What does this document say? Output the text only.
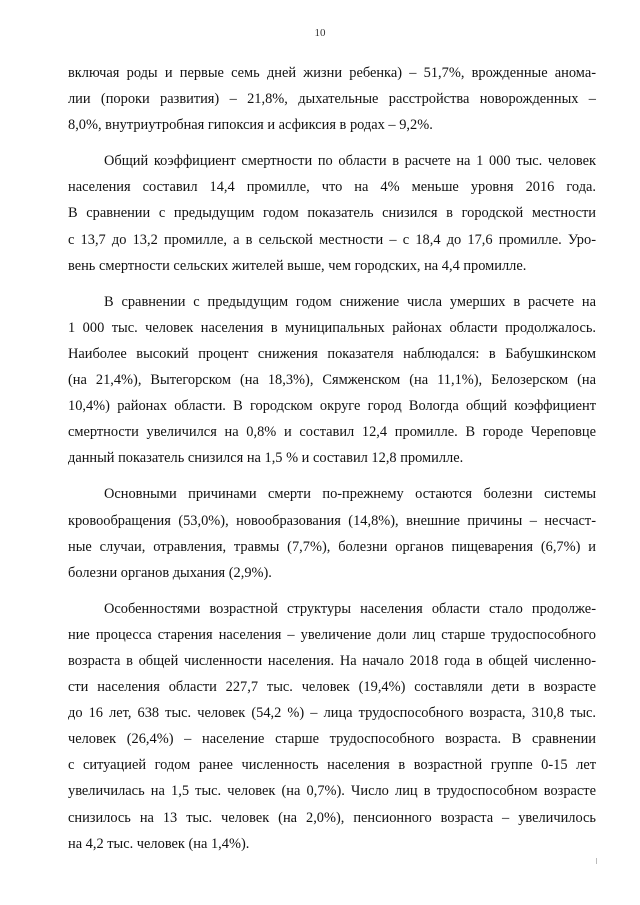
10

включая роды и первые семь дней жизни ребенка) – 51,7%, врожденные анома-
лии (пороки развития) – 21,8%, дыхательные расстройства новорожденных –
8,0%, внутриутробная гипоксия и асфиксия в родах – 9,2%.

Общий коэффициент смертности по области в расчете на 1 000 тыс. человек
населения составил 14,4 промилле, что на 4% меньше уровня 2016 года.
В сравнении с предыдущим годом показатель снизился в городской местности
с 13,7 до 13,2 промилле, а в сельской местности – с 18,4 до 17,6 промилле. Уро-
вень смертности сельских жителей выше, чем городских, на 4,4 промилле.

В сравнении с предыдущим годом снижение числа умерших в расчете на
1 000 тыс. человек населения в муниципальных районах области продолжалось.
Наиболее высокий процент снижения показателя наблюдался: в Бабушкинском
(на 21,4%), Вытегорском (на 18,3%), Сямженском (на 11,1%), Белозерском (на
10,4%) районах области. В городском округе город Вологда общий коэффициент
смертности увеличился на 0,8% и составил 12,4 промилле. В городе Череповце
данный показатель снизился на 1,5 % и составил 12,8 промилле.

Основными причинами смерти по-прежнему остаются болезни системы
кровообращения (53,0%), новообразования (14,8%), внешние причины – несчаст-
ные случаи, отравления, травмы (7,7%), болезни органов пищеварения (6,7%) и
болезни органов дыхания (2,9%).

Особенностями возрастной структуры населения области стало продолже-
ние процесса старения населения – увеличение доли лиц старше трудоспособного
возраста в общей численности населения. На начало 2018 года в общей численно-
сти населения области 227,7 тыс. человек (19,4%) составляли дети в возрасте
до 16 лет, 638 тыс. человек (54,2 %) – лица трудоспособного возраста, 310,8 тыс.
человек (26,4%) – население старше трудоспособного возраста. В сравнении
с ситуацией годом ранее численность населения в возрастной группе 0-15 лет
увеличилась на 1,5 тыс. человек (на 0,7%). Число лиц в трудоспособном возрасте
снизилось на 13 тыс. человек (на 2,0%), пенсионного возраста – увеличилось
на 4,2 тыс. человек (на 1,4%).
